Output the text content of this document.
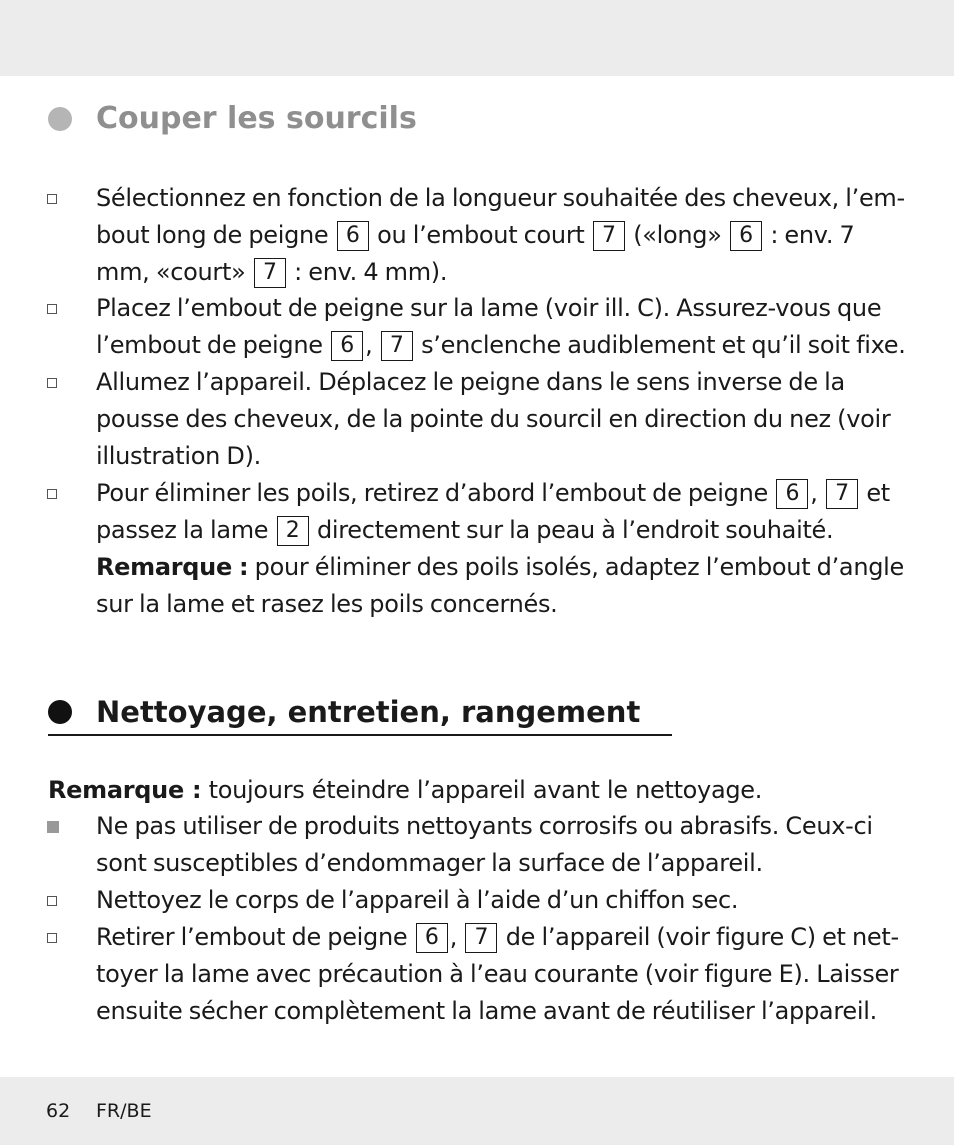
Couper les sourcils
Sélectionnez en fonction de la longueur souhaitée des cheveux, l’em-bout long de peigne 6 ou l’embout court 7 («long» 6 : env. 7 mm, «court» 7 : env. 4 mm).
Placez l’embout de peigne sur la lame (voir ill. C). Assurez-vous que l’embout de peigne 6 , 7 s’enclenche audiblement et qu’il soit fixe.
Allumez l’appareil. Déplacez le peigne dans le sens inverse de la pousse des cheveux, de la pointe du sourcil en direction du nez (voir illustration D).
Pour éliminer les poils, retirez d’abord l’embout de peigne 6 , 7 et passez la lame 2 directement sur la peau à l’endroit souhaité.
Remarque : pour éliminer des poils isolés, adaptez l’embout d’angle sur la lame et rasez les poils concernés.
Nettoyage, entretien, rangement
Remarque : toujours éteindre l’appareil avant le nettoyage.
Ne pas utiliser de produits nettoyants corrosifs ou abrasifs. Ceux-ci sont susceptibles d’endommager la surface de l’appareil.
Nettoyez le corps de l’appareil à l’aide d’un chiffon sec.
Retirer l’embout de peigne 6 , 7 de l’appareil (voir figure C) et net-toyer la lame avec précaution à l’eau courante (voir figure E). Laisser ensuite sécher complètement la lame avant de réutiliser l’appareil.
62 FR/BE
